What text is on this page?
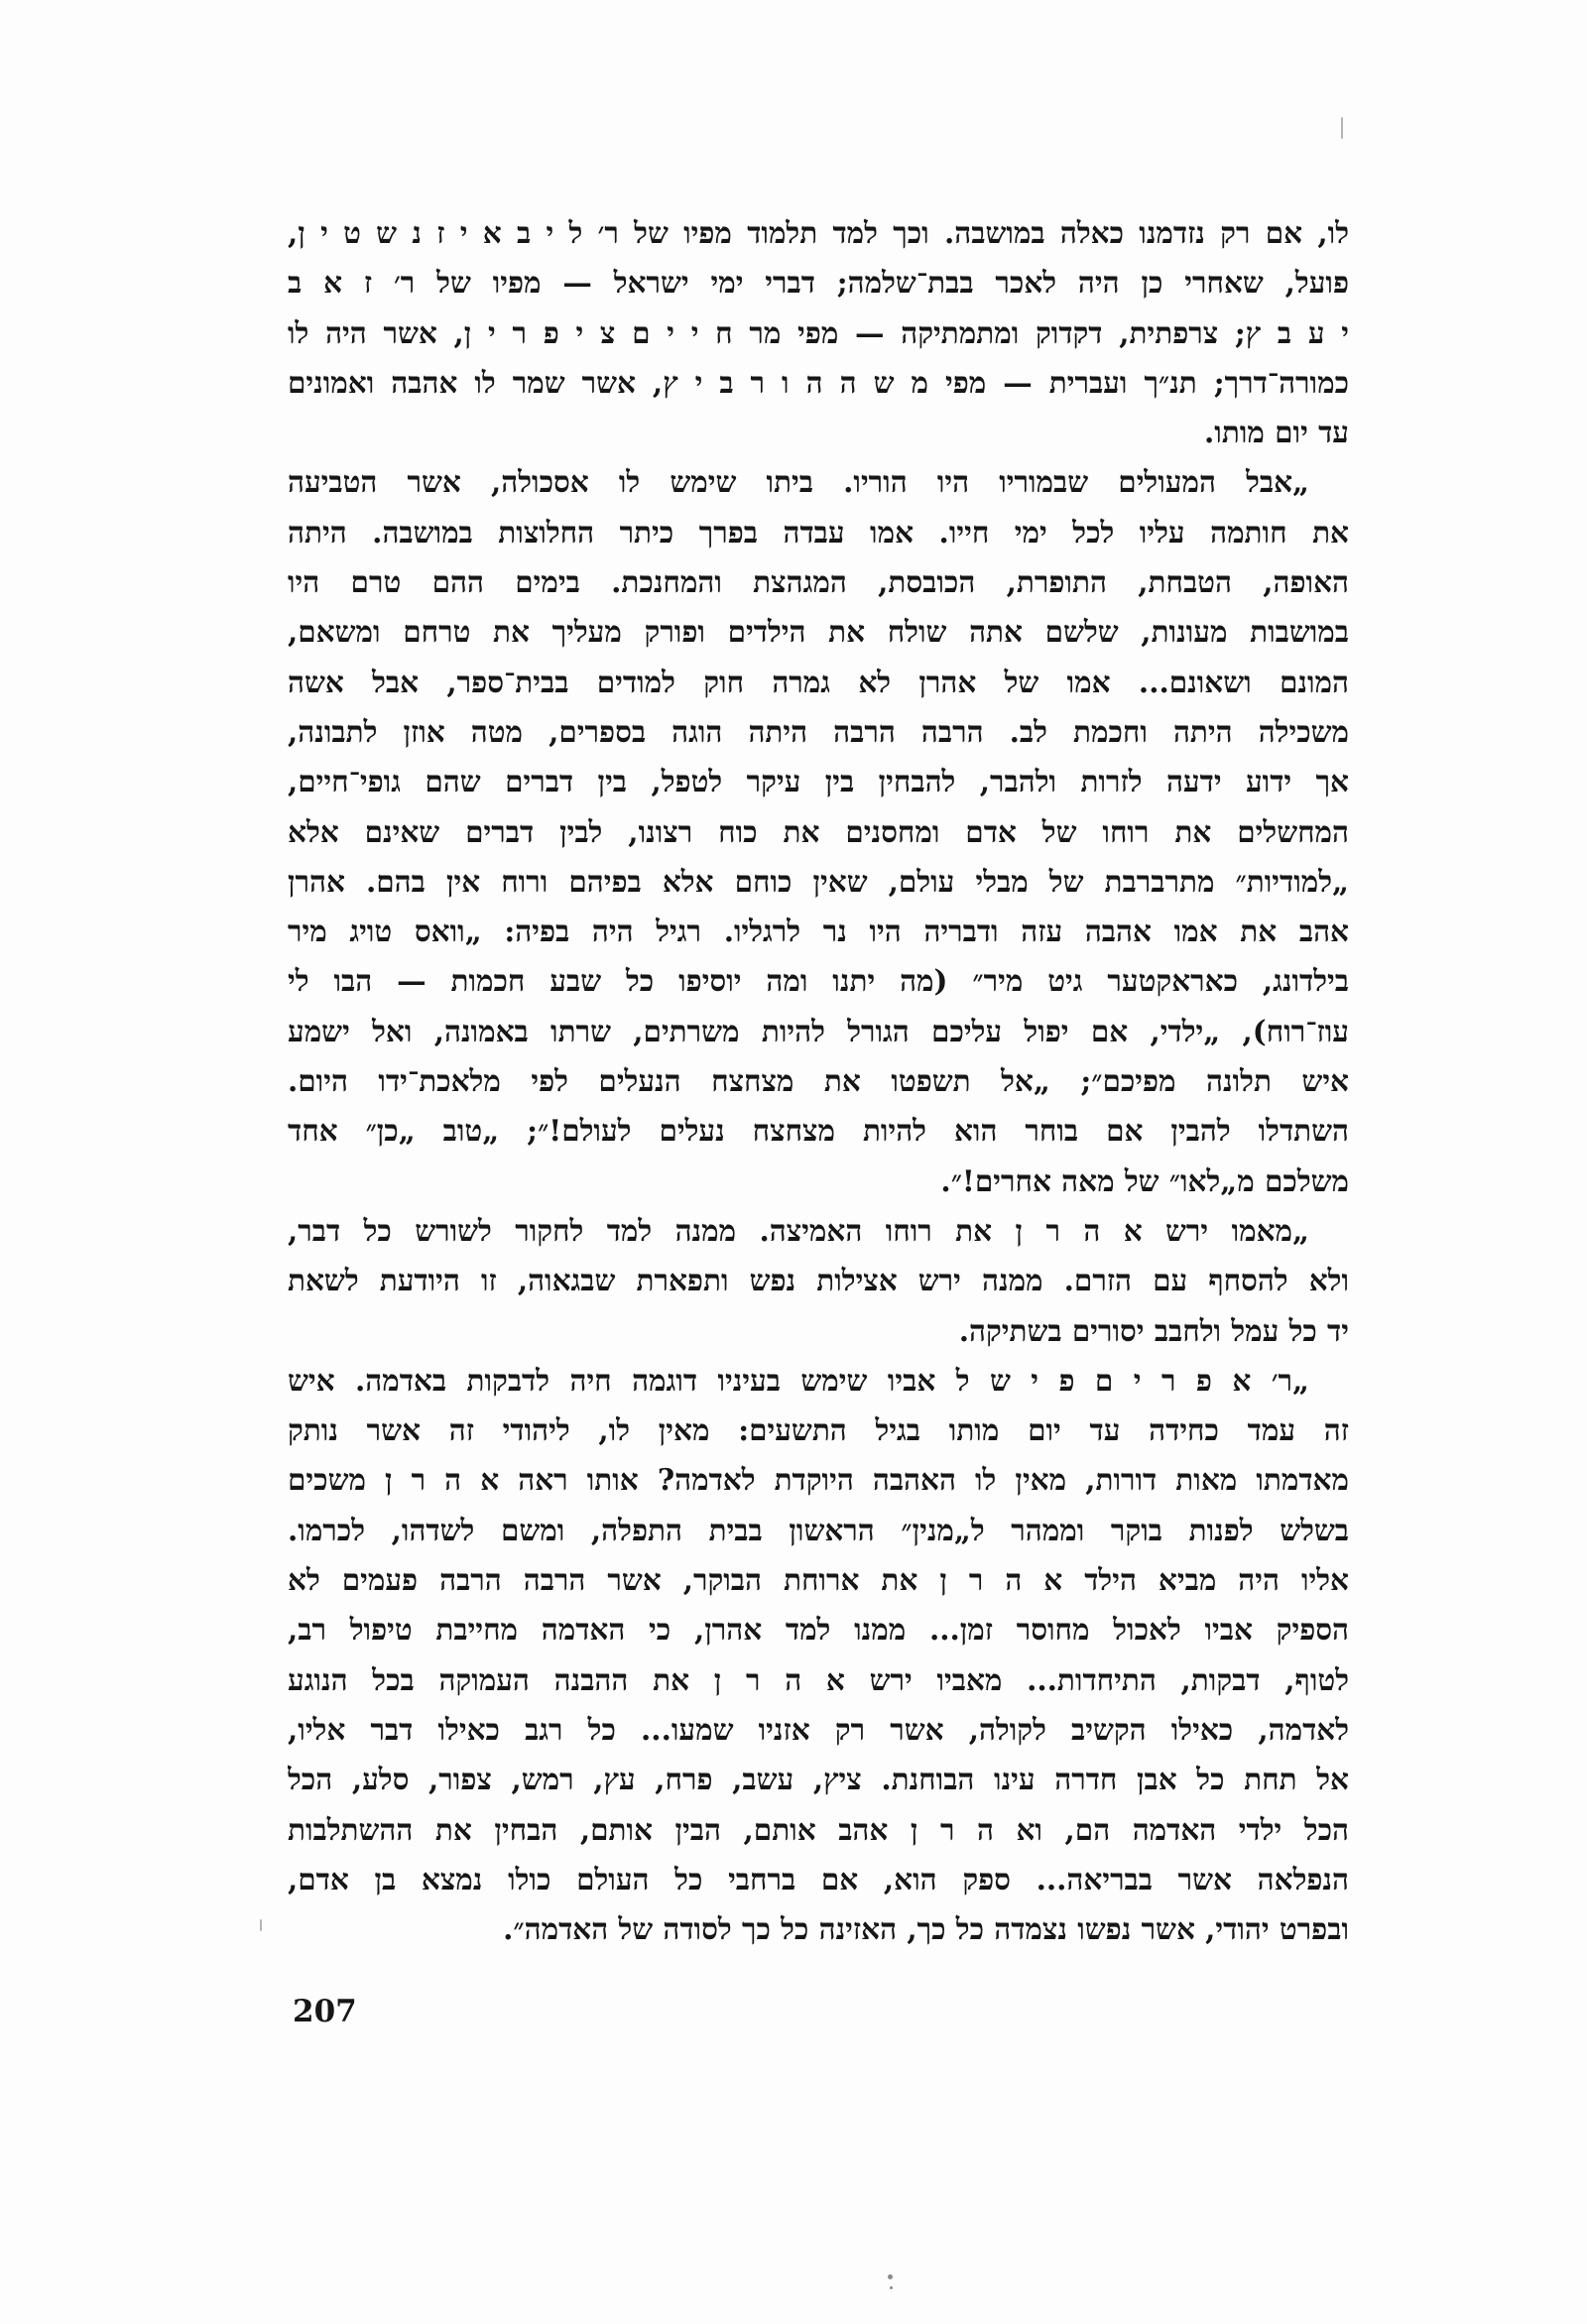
לו, אם רק נזדמנו כאלה במושבה. וכך למד תלמוד מפיו של ר׳ ל י ב א י ז נ ש ט י ן,
פועל, שאחרי כן היה לאכר בבת־שלמה; דברי ימי ישראל — מפיו של ר׳ ז א ב
י ע ב ץ; צרפתית, דקדוק ומתמתיקה — מפי מר ח י י ם צ י פ ר י ן, אשר היה לו
כמורה־דרך; תנ״ך ועברית — מפי מ ש ה ה ו ר ב י ץ, אשר שמר לו אהבה ואמונים
עד יום מותו.

„אבל המעולים שבמוריו היו הוריו. ביתו שימש לו אסכולה, אשר הטביעה
את חותמה עליו לכל ימי חייו. אמו עבדה בפרך כיתר החלוצות במושבה. היתה
האופה, הטבחת, התופרת, הכובסת, המגהצת והמחנכת. בימים ההם טרם היו
במושבות מעונות, שלשם אתה שולח את הילדים ופורק מעליך את טרחם ומשאם,
המונם ושאונם... אמו של אהרן לא גמרה חוק למודים בבית־ספר, אבל אשה
משכילה היתה וחכמת לב. הרבה הרבה היתה הוגה בספרים, מטה אוזן לתבונה,
אך ידוע ידעה לזרות ולהבר, להבחין בין עיקר לטפל, בין דברים שהם גופי־חיים,
המחשלים את רוחו של אדם ומחסנים את כוח רצונו, לבין דברים שאינם אלא
„למודיות״ מתרברבת של מבלי עולם, שאין כוחם אלא בפיהם ורוח אין בהם. אהרן
אהב את אמו אהבה עזה ודבריה היו נר לרגליו. רגיל היה בפיה: „וואס טויג מיר
בילדונג, כאראקטער גיט מיר״ (מה יתנו ומה יוסיפו כל שבע חכמות — הבו לי
עוז־רוח), „ילדי, אם יפול עליכם הגורל להיות משרתים, שרתו באמונה, ואל ישמע
איש תלונה מפיכם״; „אל תשפטו את מצחצח הנעלים לפי מלאכת־ידו היום.
השתדלו להבין אם בוחר הוא להיות מצחצח נעלים לעולם!״; „טוב „כן״ אחד
משלכם מ„לאו״ של מאה אחרים!״.

„מאמו ירש א ה ר ן את רוחו האמיצה. ממנה למד לחקור לשורש כל דבר,
ולא להסחף עם הזרם. ממנה ירש אצילות נפש ותפארת שבגאוה, זו היודעת לשאת
יד כל עמל ולחבב יסורים בשתיקה.

„ר׳ א פ ר י ם פ י ש ל אביו שימש בעיניו דוגמה חיה לדבקות באדמה. איש
זה עמד כחידה עד יום מותו בגיל התשעים: מאין לו, ליהודי זה אשר נותק
מאדמתו מאות דורות, מאין לו האהבה היוקדת לאדמה? אותו ראה א ה ר ן משכים
בשלש לפנות בוקר וממהר ל„מנין״ הראשון בבית התפלה, ומשם לשדהו, לכרמו.
אליו היה מביא הילד א ה ר ן את ארוחת הבוקר, אשר הרבה הרבה פעמים לא
הספיק אביו לאכול מחוסר זמן... ממנו למד אהרן, כי האדמה מחייבת טיפול רב,
לטוף, דבקות, התיחדות... מאביו ירש א ה ר ן את ההבנה העמוקה בכל הנוגע
לאדמה, כאילו הקשיב לקולה, אשר רק אזניו שמעו... כל רגב כאילו דבר אליו,
אל תחת כל אבן חדרה עינו הבוחנת. ציץ, עשב, פרח, עץ, רמש, צפור, סלע, הכל
הכל ילדי האדמה הם, וא ה ר ן אהב אותם, הבין אותם, הבחין את ההשתלבות
הנפלאה אשר בבריאה... ספק הוא, אם ברחבי כל העולם כולו נמצא בן אדם,
ובפרט יהודי, אשר נפשו נצמדה כל כך, האזינה כל כך לסודה של האדמה״.

207
